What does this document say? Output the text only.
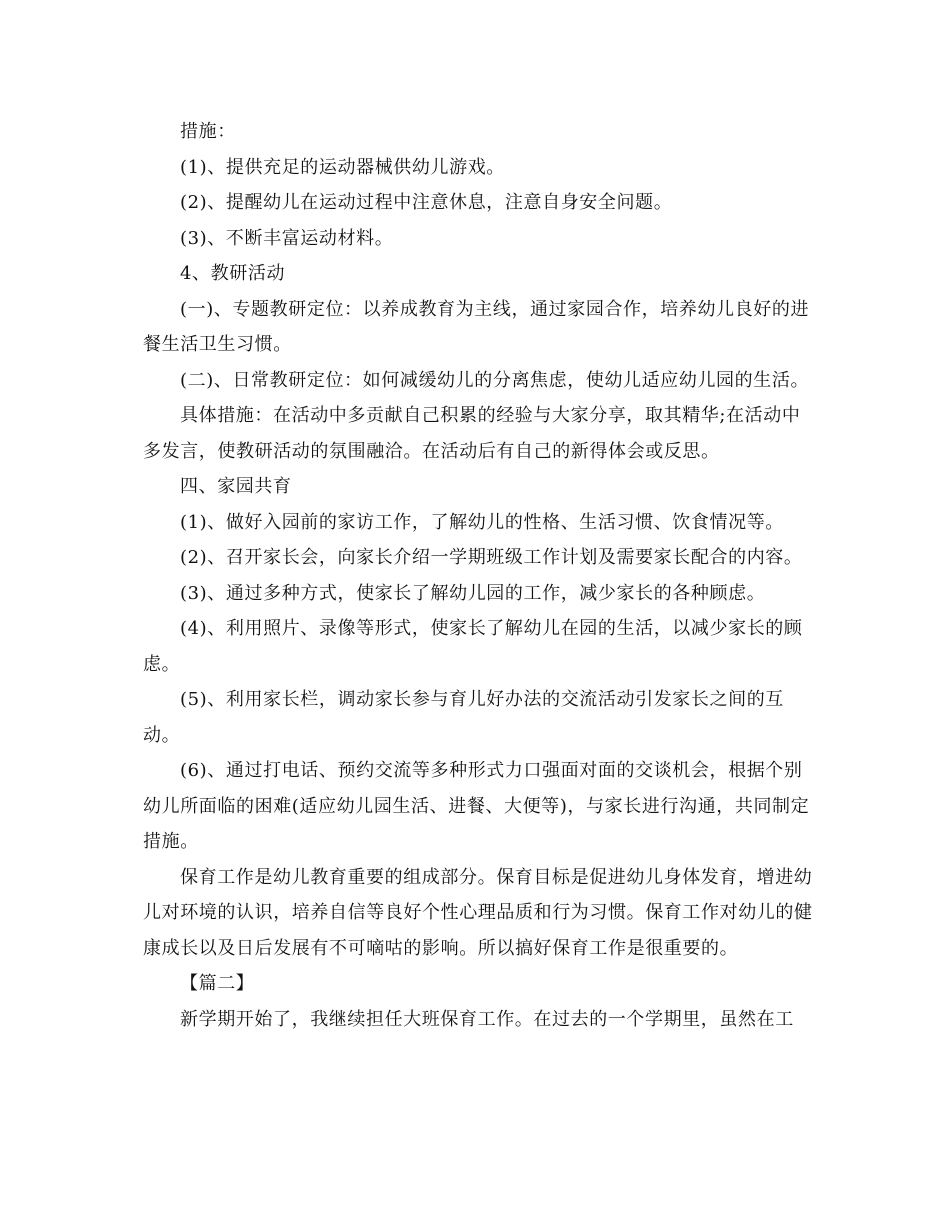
措施：

(1)、提供充足的运动器械供幼儿游戏。

(2)、提醒幼儿在运动过程中注意休息，注意自身安全问题。

(3)、不断丰富运动材料。

4、教研活动

(一)、专题教研定位：以养成教育为主线，通过家园合作，培养幼儿良好的进餐生活卫生习惯。

(二)、日常教研定位：如何减缓幼儿的分离焦虑，使幼儿适应幼儿园的生活。

具体措施：在活动中多贡献自己积累的经验与大家分享，取其精华;在活动中多发言，使教研活动的氛围融洽。在活动后有自己的新得体会或反思。

四、家园共育

(1)、做好入园前的家访工作，了解幼儿的性格、生活习惯、饮食情况等。

(2)、召开家长会，向家长介绍一学期班级工作计划及需要家长配合的内容。

(3)、通过多种方式，使家长了解幼儿园的工作，减少家长的各种顾虑。

(4)、利用照片、录像等形式，使家长了解幼儿在园的生活，以减少家长的顾虑。

(5)、利用家长栏，调动家长参与育儿好办法的交流活动引发家长之间的互动。

(6)、通过打电话、预约交流等多种形式力口强面对面的交谈机会，根据个别幼儿所面临的困难(适应幼儿园生活、进餐、大便等)，与家长进行沟通，共同制定措施。

保育工作是幼儿教育重要的组成部分。保育目标是促进幼儿身体发育，增进幼儿对环境的认识，培养自信等良好个性心理品质和行为习惯。保育工作对幼儿的健康成长以及日后发展有不可嘀咕的影响。所以搞好保育工作是很重要的。

【篇二】

新学期开始了，我继续担任大班保育工作。在过去的一个学期里，虽然在工
